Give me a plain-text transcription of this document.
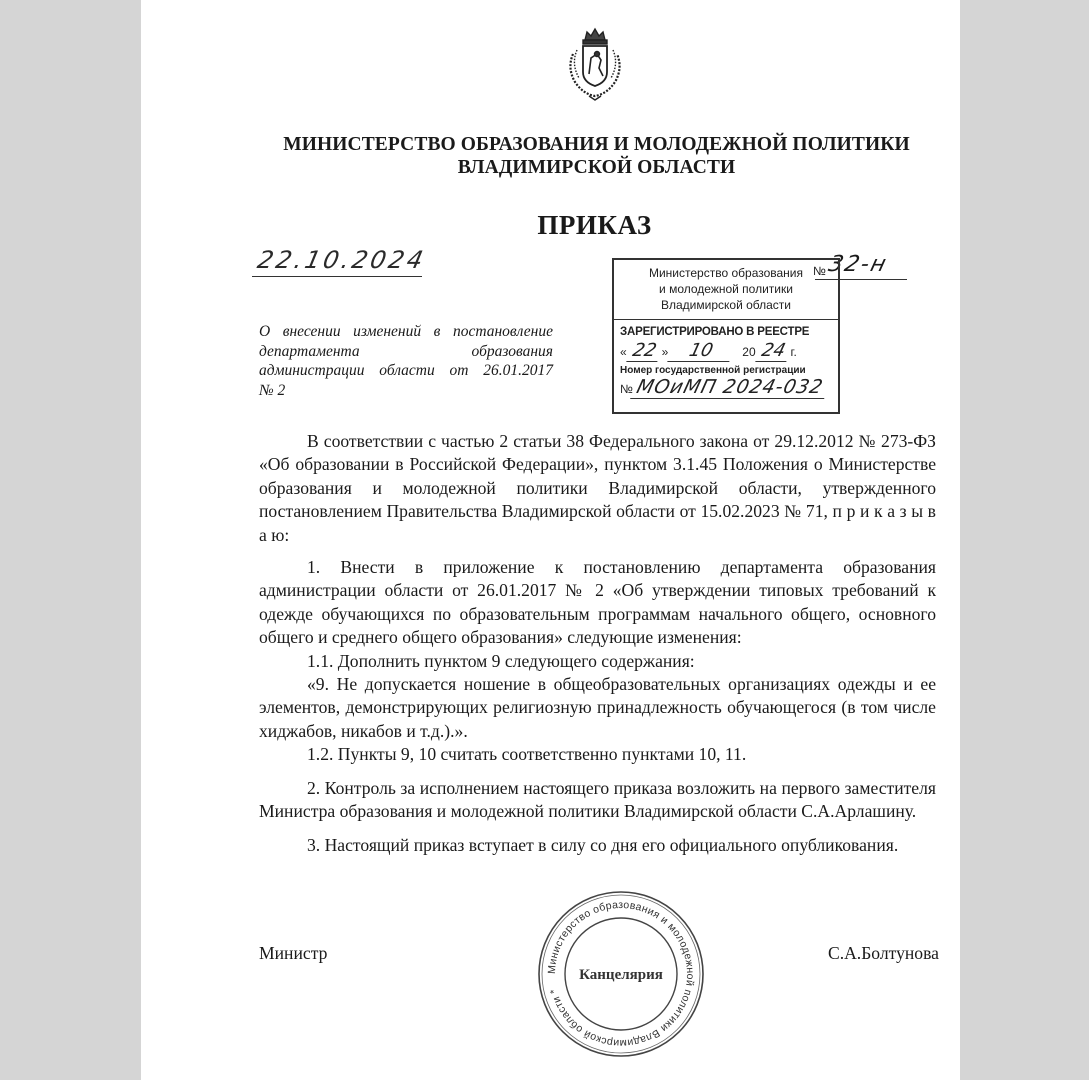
МИНИСТЕРСТВО ОБРАЗОВАНИЯ И МОЛОДЕЖНОЙ ПОЛИТИКИ
ВЛАДИМИРСКОЙ ОБЛАСТИ
ПРИКАЗ
22.10.2024	№ 32-н
Министерство образования
и молодежной политики
Владимирской области
ЗАРЕГИСТРИРОВАНО В РЕЕСТРЕ
« 22 »	10	20 24 г.
Номер государственной регистрации
№ МОиМП 2024-032
О внесении изменений в постановление
департамента образования
администрации области от 26.01.2017
№ 2

В соответствии с частью 2 статьи 38 Федерального закона от 29.12.2012 № 273-ФЗ «Об образовании в Российской Федерации», пунктом 3.1.45 Положения о Министерстве образования и молодежной политики Владимирской области, утвержденного постановлением Правительства Владимирской области от 15.02.2023 № 71, п р и к а з ы в а ю:

1. Внести в приложение к постановлению департамента образования администрации области от 26.01.2017 № 2 «Об утверждении типовых требований к одежде обучающихся по образовательным программам начального общего, основного общего и среднего общего образования» следующие изменения:

1.1. Дополнить пунктом 9 следующего содержания:

«9. Не допускается ношение в общеобразовательных организациях одежды и ее элементов, демонстрирующих религиозную принадлежность обучающегося (в том числе хиджабов, никабов и т.д.).».

1.2. Пункты 9, 10 считать соответственно пунктами 10, 11.

2. Контроль за исполнением настоящего приказа возложить на первого заместителя Министра образования и молодежной политики Владимирской области С.А.Арлашину.

3. Настоящий приказ вступает в силу со дня его официального опубликования.

Министерство образования и молодежной политики Владимирской области *
Канцелярия
Министр	С.А.Болтунова
